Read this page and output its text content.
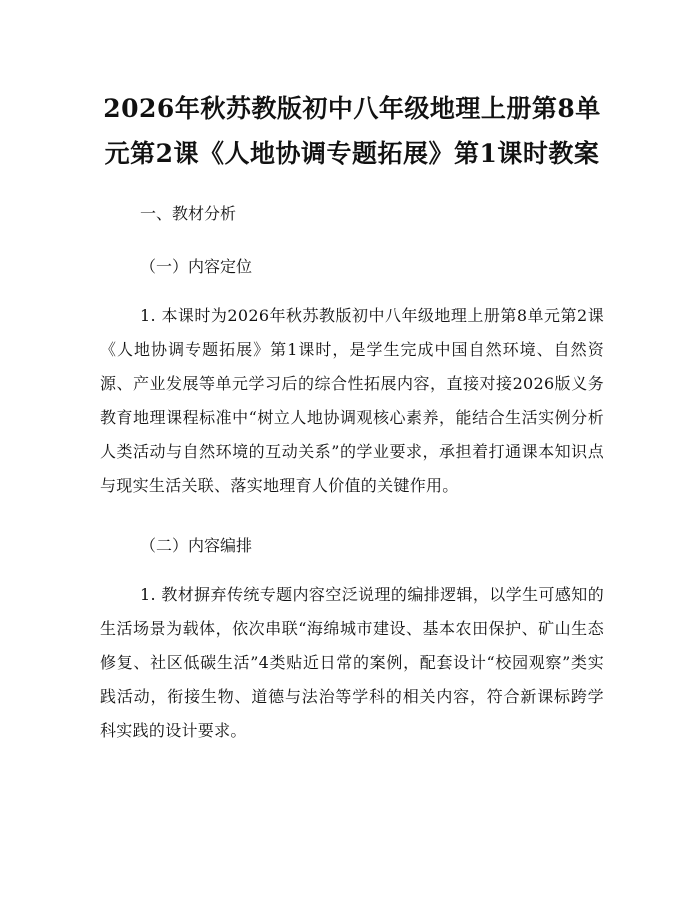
2026年秋苏教版初中八年级地理上册第8单元第2课《人地协调专题拓展》第1课时教案
一、教材分析
（一）内容定位
1. 本课时为2026年秋苏教版初中八年级地理上册第8单元第2课《人地协调专题拓展》第1课时，是学生完成中国自然环境、自然资源、产业发展等单元学习后的综合性拓展内容，直接对接2026版义务教育地理课程标准中“树立人地协调观核心素养，能结合生活实例分析人类活动与自然环境的互动关系”的学业要求，承担着打通课本知识点与现实生活关联、落实地理育人价值的关键作用。
（二）内容编排
1. 教材摒弃传统专题内容空泛说理的编排逻辑，以学生可感知的生活场景为载体，依次串联“海绵城市建设、基本农田保护、矿山生态修复、社区低碳生活”4类贴近日常的案例，配套设计“校园观察”类实践活动，衔接生物、道德与法治等学科的相关内容，符合新课标跨学科实践的设计要求。
